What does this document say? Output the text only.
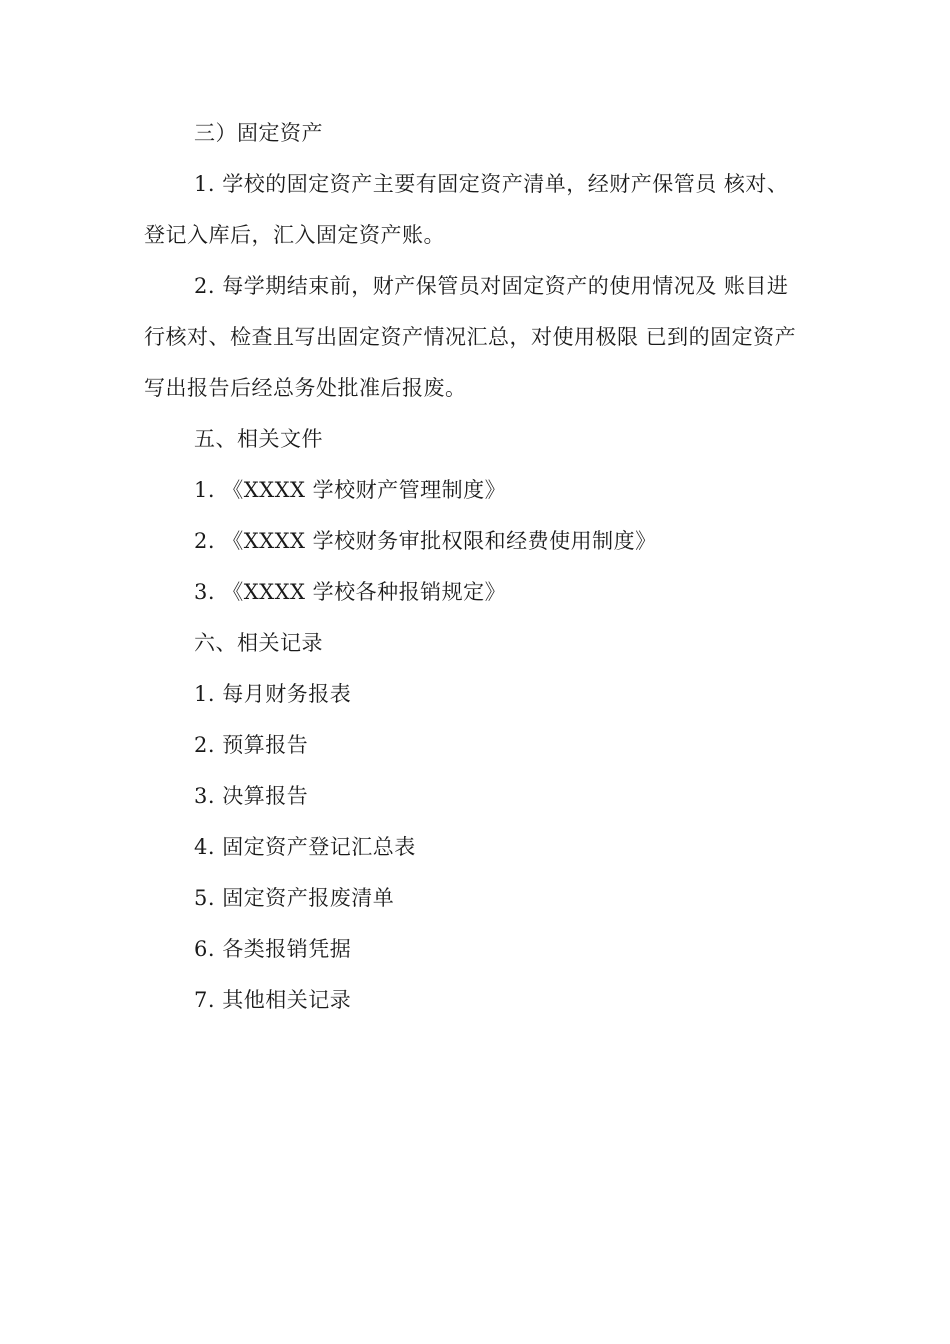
三）固定资产
1. 学校的固定资产主要有固定资产清单，经财产保管员 核对、
登记入库后，汇入固定资产账。
2. 每学期结束前，财产保管员对固定资产的使用情况及 账目进
行核对、检查且写出固定资产情况汇总，对使用极限 已到的固定资产
写出报告后经总务处批准后报废。
五、相关文件
1. 《XXXX 学校财产管理制度》
2. 《XXXX 学校财务审批权限和经费使用制度》
3. 《XXXX 学校各种报销规定》
六、相关记录
1. 每月财务报表
2. 预算报告
3. 决算报告
4. 固定资产登记汇总表
5. 固定资产报废清单
6. 各类报销凭据
7. 其他相关记录
